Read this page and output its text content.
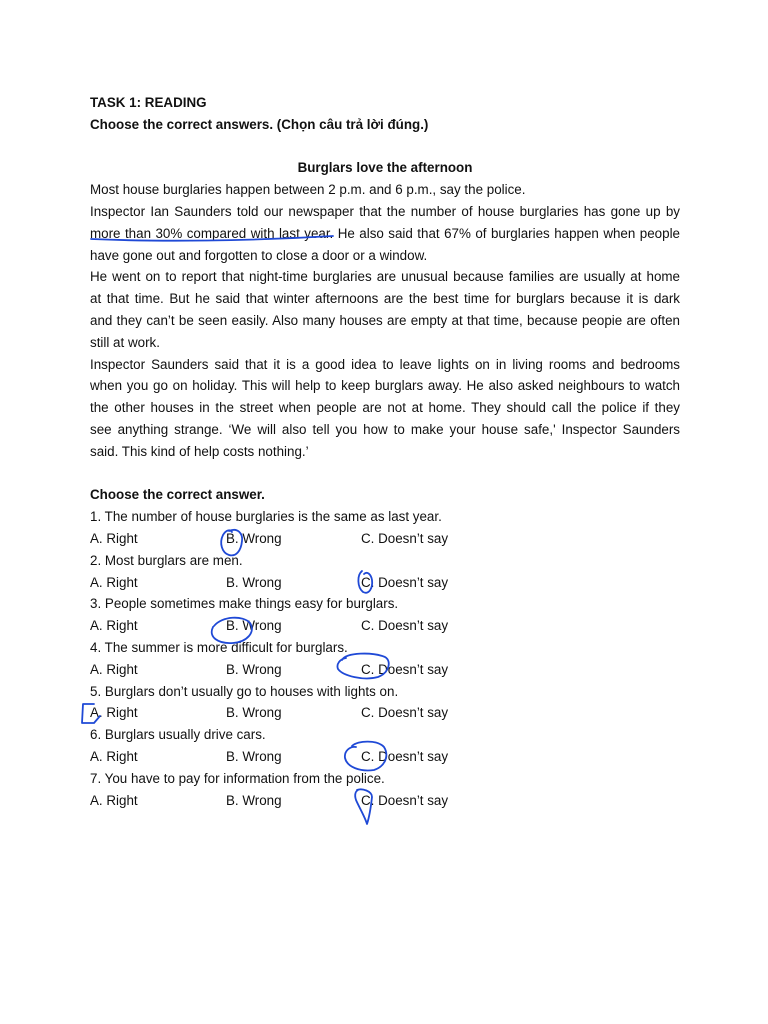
TASK 1: READING
Choose the correct answers. (Chọn câu trả lời đúng.)
Burglars love the afternoon
Most house burglaries happen between 2 p.m. and 6 p.m., say the police.
Inspector Ian Saunders told our newspaper that the number of house burglaries has gone up by
more than 30% compared with last year. He also said that 67% of burglaries happen when people
have gone out and forgotten to close a door or a window.
He went on to report that night-time burglaries are unusual because families are usually at home
at that time. But he said that winter afternoons are the best time for burglars because it is dark
and they can’t be seen easily. Also many houses are empty at that time, because peopie are often
still at work.
Inspector Saunders said that it is a good idea to leave lights on in living rooms and bedrooms
when you go on holiday. This will help to keep burglars away. He also asked neighbours to watch
the other houses in the street when people are not at home. They should call the police if they
see anything strange. ‘We will also tell you how to make your house safe,' Inspector Saunders
said. This kind of help costs nothing.’
Choose the correct answer.
1. The number of house burglaries is the same as last year.
A. Right	B. Wrong	C. Doesn’t say
2. Most burglars are men.
A. Right	B. Wrong	C. Doesn’t say
3. People sometimes make things easy for burglars.
A. Right	B. Wrong	C. Doesn’t say
4. The summer is more difficult for burglars.
A. Right	B. Wrong	C. Doesn’t say
5. Burglars don’t usually go to houses with lights on.
A. Right	B. Wrong	C. Doesn’t say
6. Burglars usually drive cars.
A. Right	B. Wrong	C. Doesn’t say
7. You have to pay for information from the police.
A. Right	B. Wrong	C. Doesn’t say
